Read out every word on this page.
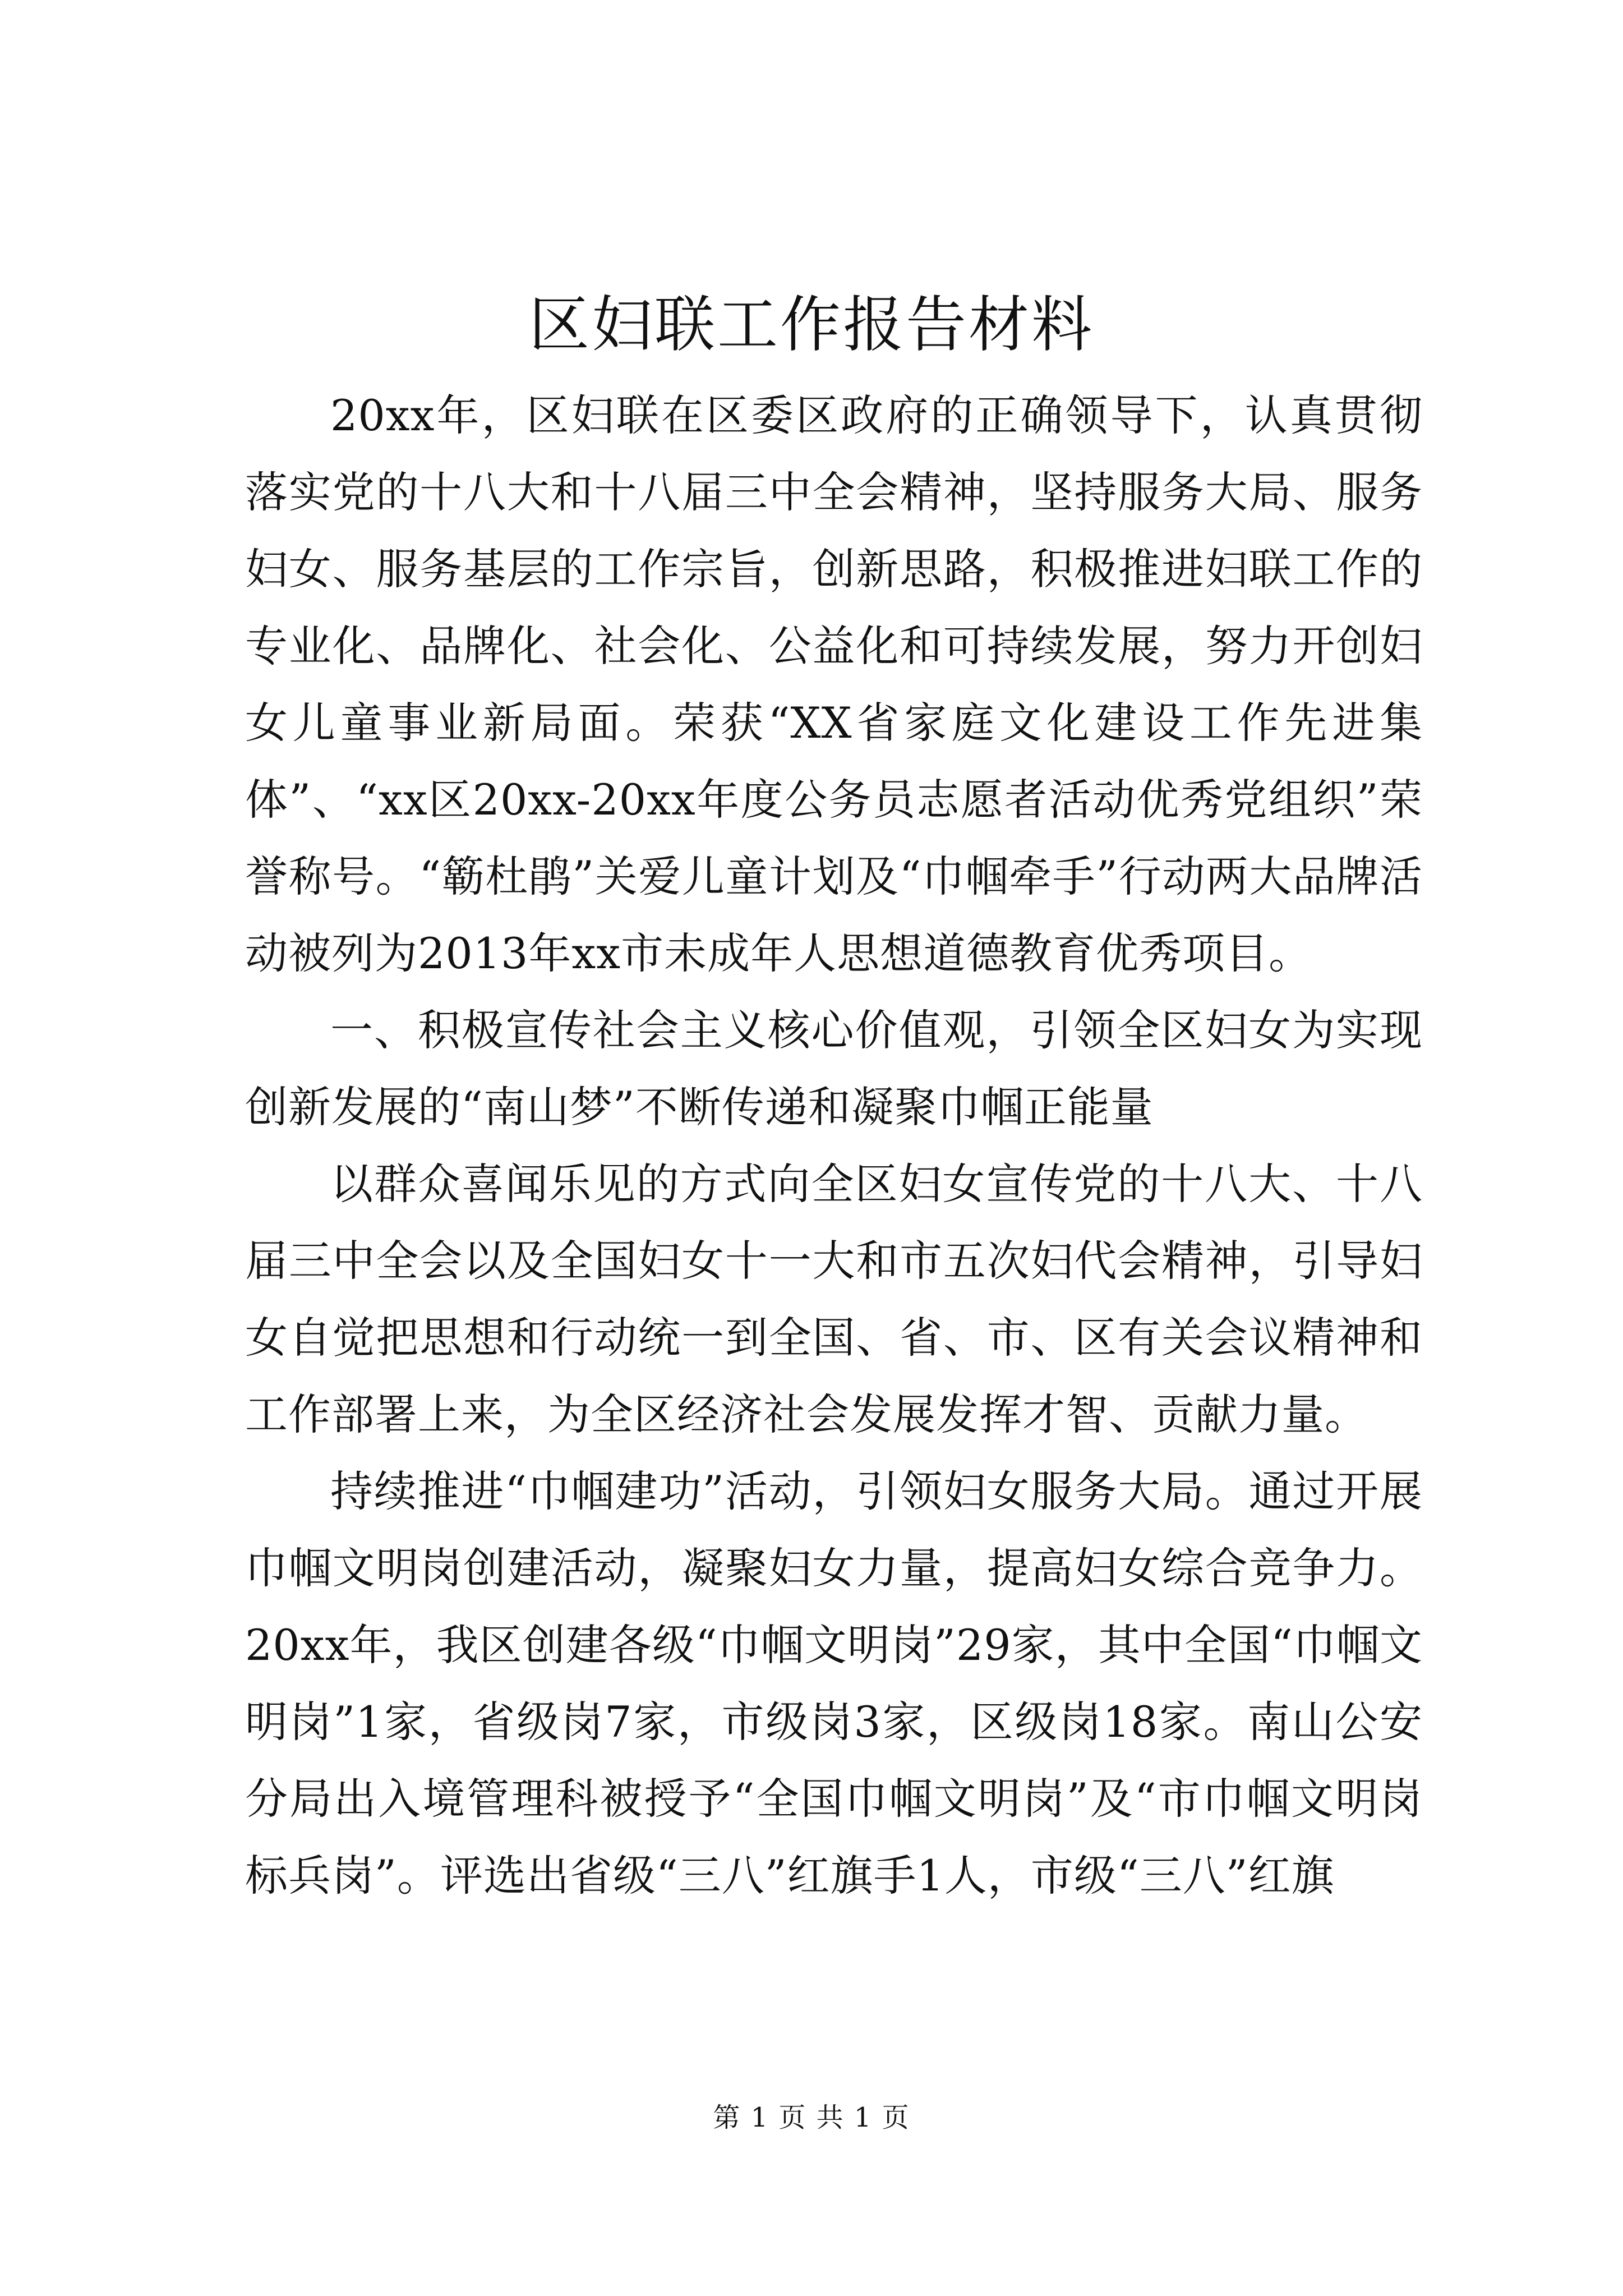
区妇联工作报告材料

20xx年，区妇联在区委区政府的正确领导下，认真贯彻落实党的十八大和十八届三中全会精神，坚持服务大局、服务妇女、服务基层的工作宗旨，创新思路，积极推进妇联工作的专业化、品牌化、社会化、公益化和可持续发展，努力开创妇女儿童事业新局面。荣获“XX省家庭文化建设工作先进集体”、“xx区20xx-20xx年度公务员志愿者活动优秀党组织”荣誉称号。“簕杜鹃”关爱儿童计划及“巾帼牵手”行动两大品牌活动被列为2013年xx市未成年人思想道德教育优秀项目。

一、积极宣传社会主义核心价值观，引领全区妇女为实现创新发展的“南山梦”不断传递和凝聚巾帼正能量

以群众喜闻乐见的方式向全区妇女宣传党的十八大、十八届三中全会以及全国妇女十一大和市五次妇代会精神，引导妇女自觉把思想和行动统一到全国、省、市、区有关会议精神和工作部署上来，为全区经济社会发展发挥才智、贡献力量。

持续推进“巾帼建功”活动，引领妇女服务大局。通过开展巾帼文明岗创建活动，凝聚妇女力量，提高妇女综合竞争力。20xx年，我区创建各级“巾帼文明岗”29家，其中全国“巾帼文明岗”1家，省级岗7家，市级岗3家，区级岗18家。南山公安分局出入境管理科被授予“全国巾帼文明岗”及“市巾帼文明岗标兵岗”。评选出省级“三八”红旗手1人，市级“三八”红旗

第 1 页 共 1 页
